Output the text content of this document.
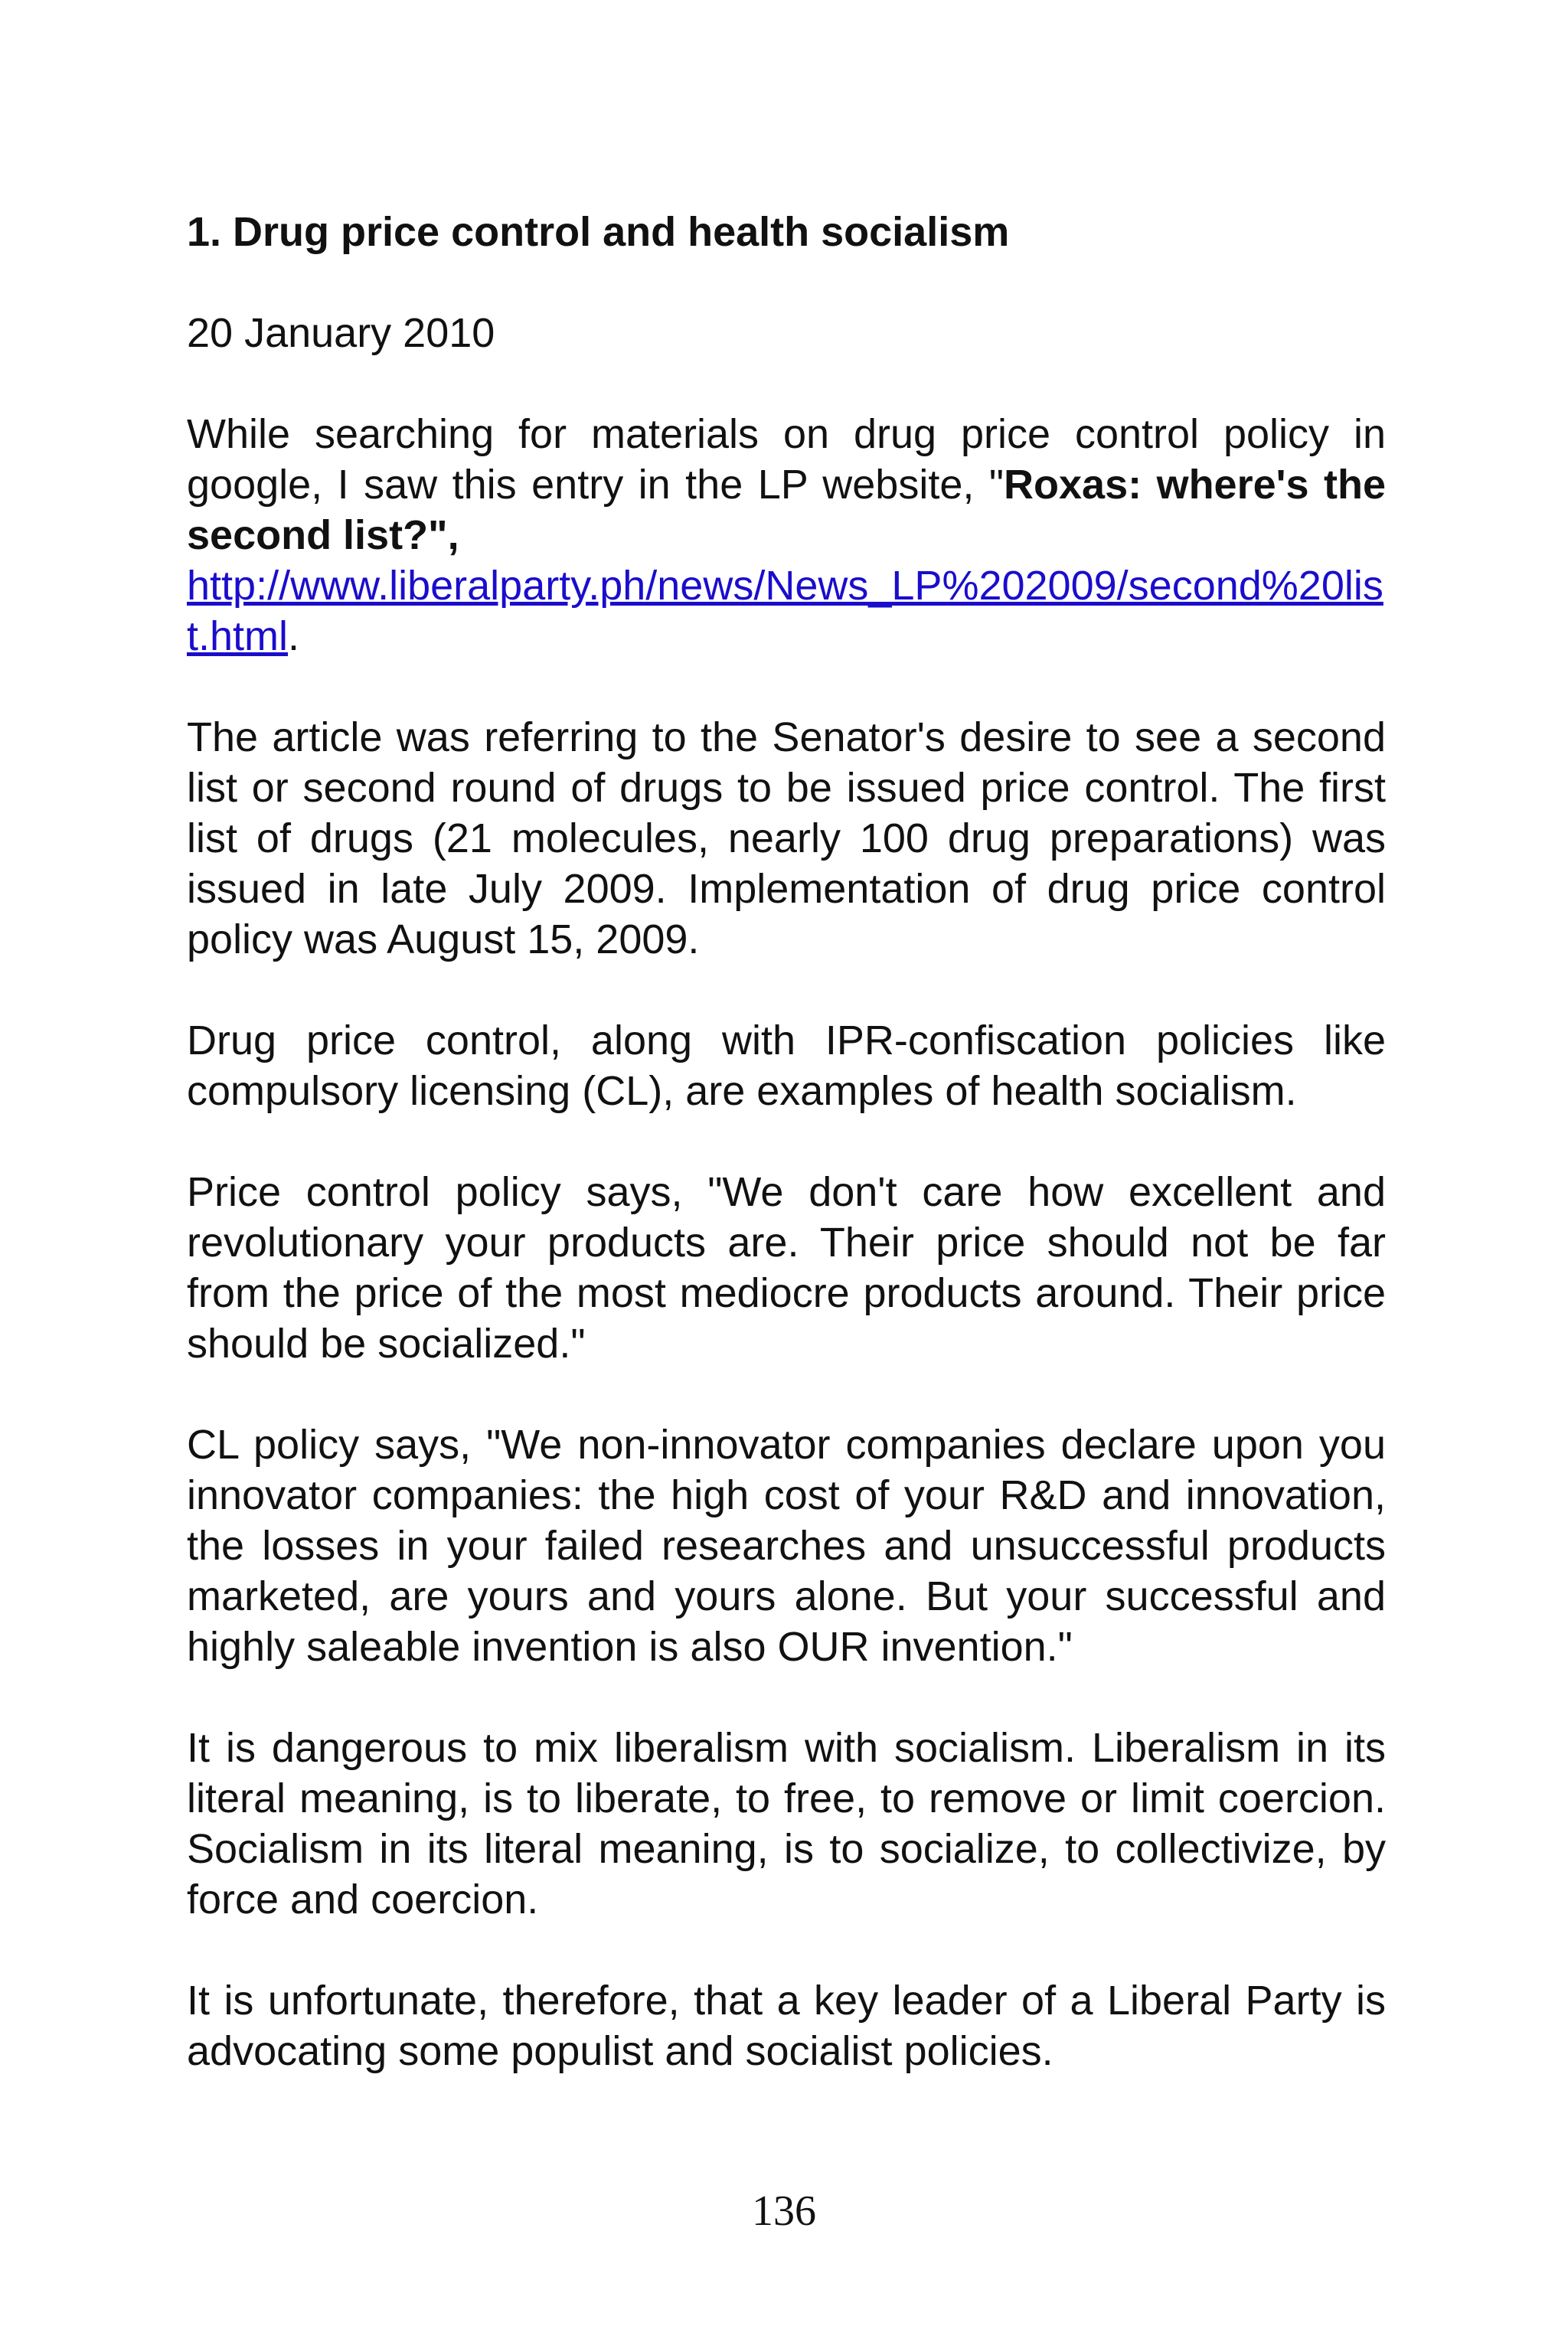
1. Drug price control and health socialism
20 January 2010

While searching for materials on drug price control policy in google, I saw this entry in the LP website, "Roxas: where's the second list?",
http://www.liberalparty.ph/news/News_LP%202009/second%20list.html.

The article was referring to the Senator's desire to see a second list or second round of drugs to be issued price control. The first list of drugs (21 molecules, nearly 100 drug preparations) was issued in late July 2009. Implementation of drug price control policy was August 15, 2009.

Drug price control, along with IPR-confiscation policies like compulsory licensing (CL), are examples of health socialism.

Price control policy says, "We don't care how excellent and revolutionary your products are. Their price should not be far from the price of the most mediocre products around. Their price should be socialized."

CL policy says, "We non-innovator companies declare upon you innovator companies: the high cost of your R&D and innovation, the losses in your failed researches and unsuccessful products marketed, are yours and yours alone. But your successful and highly saleable invention is also OUR invention."

It is dangerous to mix liberalism with socialism. Liberalism in its literal meaning, is to liberate, to free, to remove or limit coercion. Socialism in its literal meaning, is to socialize, to collectivize, by force and coercion.

It is unfortunate, therefore, that a key leader of a Liberal Party is advocating some populist and socialist policies.

136
